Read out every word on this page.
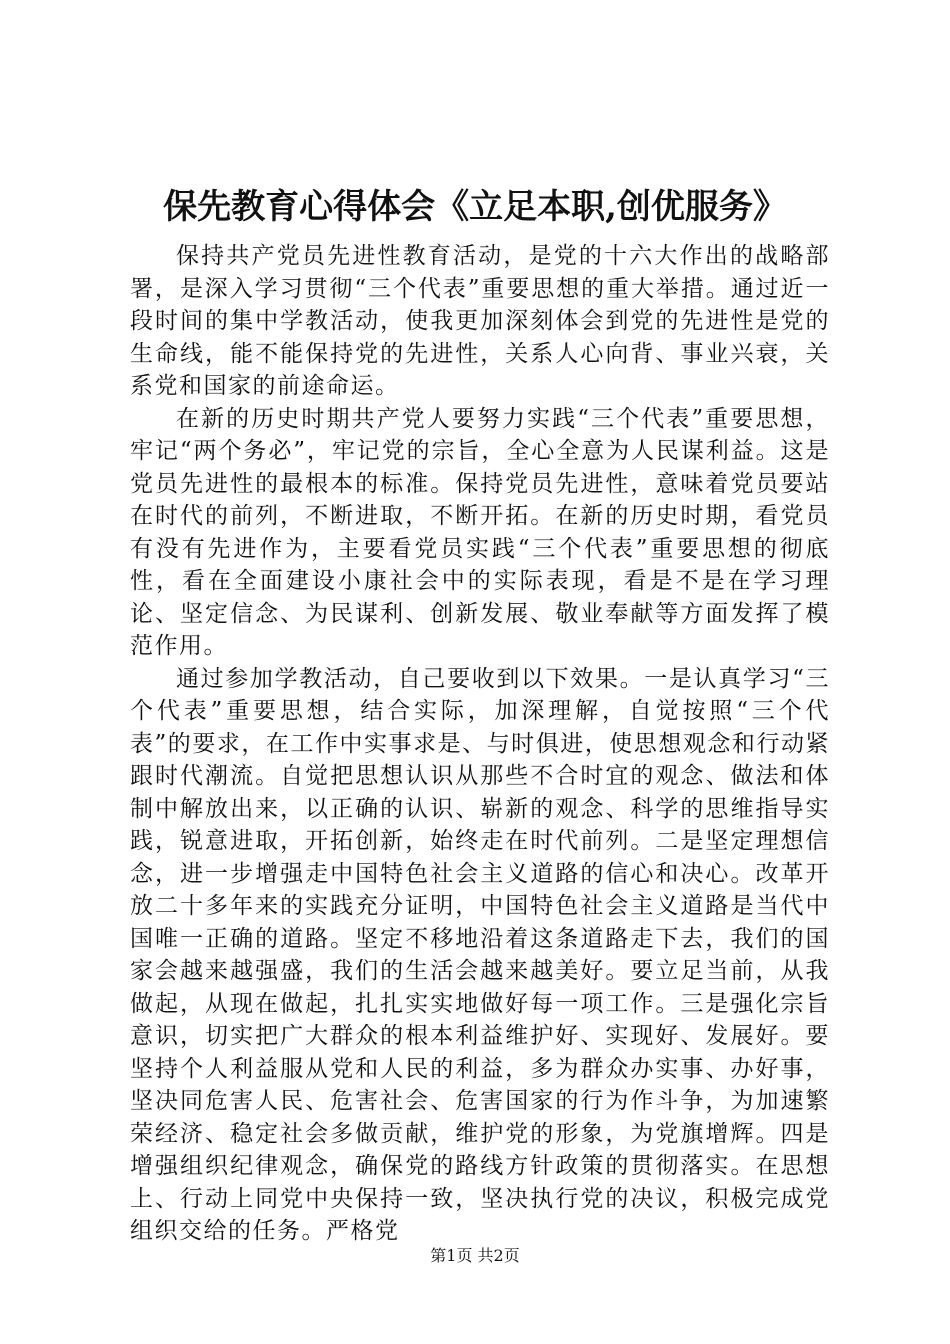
保先教育心得体会《立足本职,创优服务》

保持共产党员先进性教育活动，是党的十六大作出的战略部署，是深入学习贯彻“三个代表”重要思想的重大举措。通过近一段时间的集中学教活动，使我更加深刻体会到党的先进性是党的生命线，能不能保持党的先进性，关系人心向背、事业兴衰，关系党和国家的前途命运。

在新的历史时期共产党人要努力实践“三个代表”重要思想，牢记“两个务必”，牢记党的宗旨，全心全意为人民谋利益。这是党员先进性的最根本的标准。保持党员先进性，意味着党员要站在时代的前列，不断进取，不断开拓。在新的历史时期，看党员有没有先进作为，主要看党员实践“三个代表”重要思想的彻底性，看在全面建设小康社会中的实际表现，看是不是在学习理论、坚定信念、为民谋利、创新发展、敬业奉献等方面发挥了模范作用。

通过参加学教活动，自己要收到以下效果。一是认真学习“三个代表”重要思想，结合实际，加深理解，自觉按照“三个代表”的要求，在工作中实事求是、与时俱进，使思想观念和行动紧跟时代潮流。自觉把思想认识从那些不合时宜的观念、做法和体制中解放出来，以正确的认识、崭新的观念、科学的思维指导实践，锐意进取，开拓创新，始终走在时代前列。二是坚定理想信念，进一步增强走中国特色社会主义道路的信心和决心。改革开放二十多年来的实践充分证明，中国特色社会主义道路是当代中国唯一正确的道路。坚定不移地沿着这条道路走下去，我们的国家会越来越强盛，我们的生活会越来越美好。要立足当前，从我做起，从现在做起，扎扎实实地做好每一项工作。三是强化宗旨意识，切实把广大群众的根本利益维护好、实现好、发展好。要坚持个人利益服从党和人民的利益，多为群众办实事、办好事，坚决同危害人民、危害社会、危害国家的行为作斗争，为加速繁荣经济、稳定社会多做贡献，维护党的形象，为党旗增辉。四是增强组织纪律观念，确保党的路线方针政策的贯彻落实。在思想上、行动上同党中央保持一致，坚决执行党的决议，积极完成党组织交给的任务。严格党

第1页 共2页
